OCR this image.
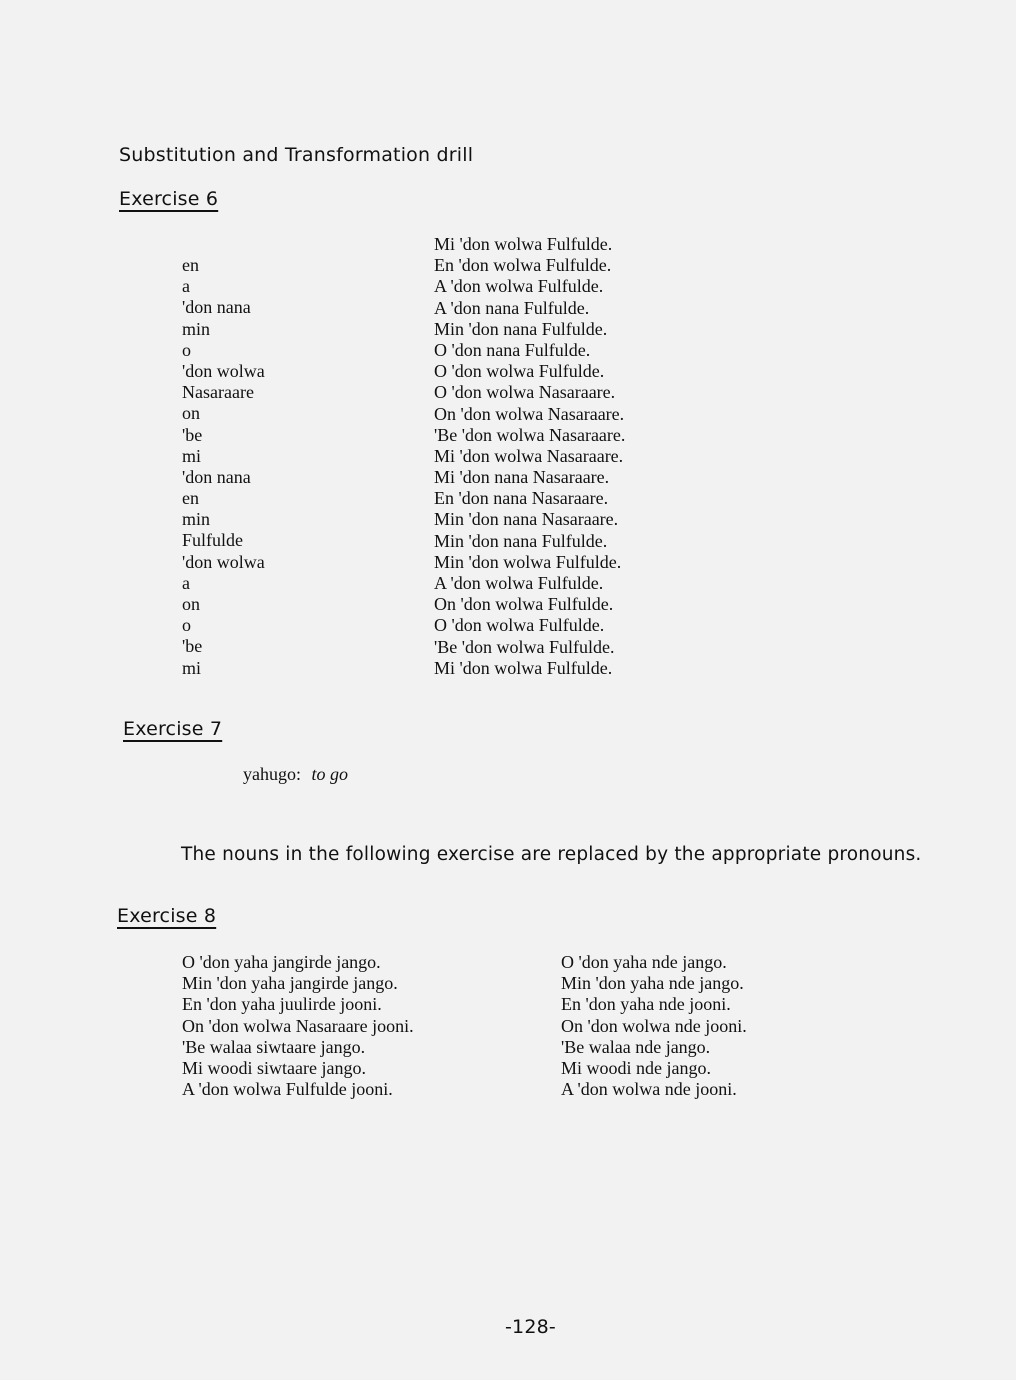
Substitution and Transformation drill
Exercise 6
en
a
'don nana
min
o
'don wolwa
Nasaraare
on
'be
mi
'don nana
en
min
Fulfulde
'don wolwa
a
on
o
'be
mi
Mi 'don wolwa Fulfulde.
En 'don wolwa Fulfulde.
A 'don wolwa Fulfulde.
A 'don nana Fulfulde.
Min 'don nana Fulfulde.
O 'don nana Fulfulde.
O 'don wolwa Fulfulde.
O 'don wolwa Nasaraare.
On 'don wolwa Nasaraare.
'Be 'don wolwa Nasaraare.
Mi 'don wolwa Nasaraare.
Mi 'don nana Nasaraare.
En 'don nana Nasaraare.
Min 'don nana Nasaraare.
Min 'don nana Fulfulde.
Min 'don wolwa Fulfulde.
A 'don wolwa Fulfulde.
On 'don wolwa Fulfulde.
O 'don wolwa Fulfulde.
'Be 'don wolwa Fulfulde.
Mi 'don wolwa Fulfulde.
Exercise 7
yahugo: to go
The nouns in the following exercise are replaced by the appropriate pronouns.
Exercise 8
O 'don yaha jangirde jango.
Min 'don yaha jangirde jango.
En 'don yaha juulirde jooni.
On 'don wolwa Nasaraare jooni.
'Be walaa siwtaare jango.
Mi woodi siwtaare jango.
A 'don wolwa Fulfulde jooni.
O 'don yaha nde jango.
Min 'don yaha nde jango.
En 'don yaha nde jooni.
On 'don wolwa nde jooni.
'Be walaa nde jango.
Mi woodi nde jango.
A 'don wolwa nde jooni.
-128-
